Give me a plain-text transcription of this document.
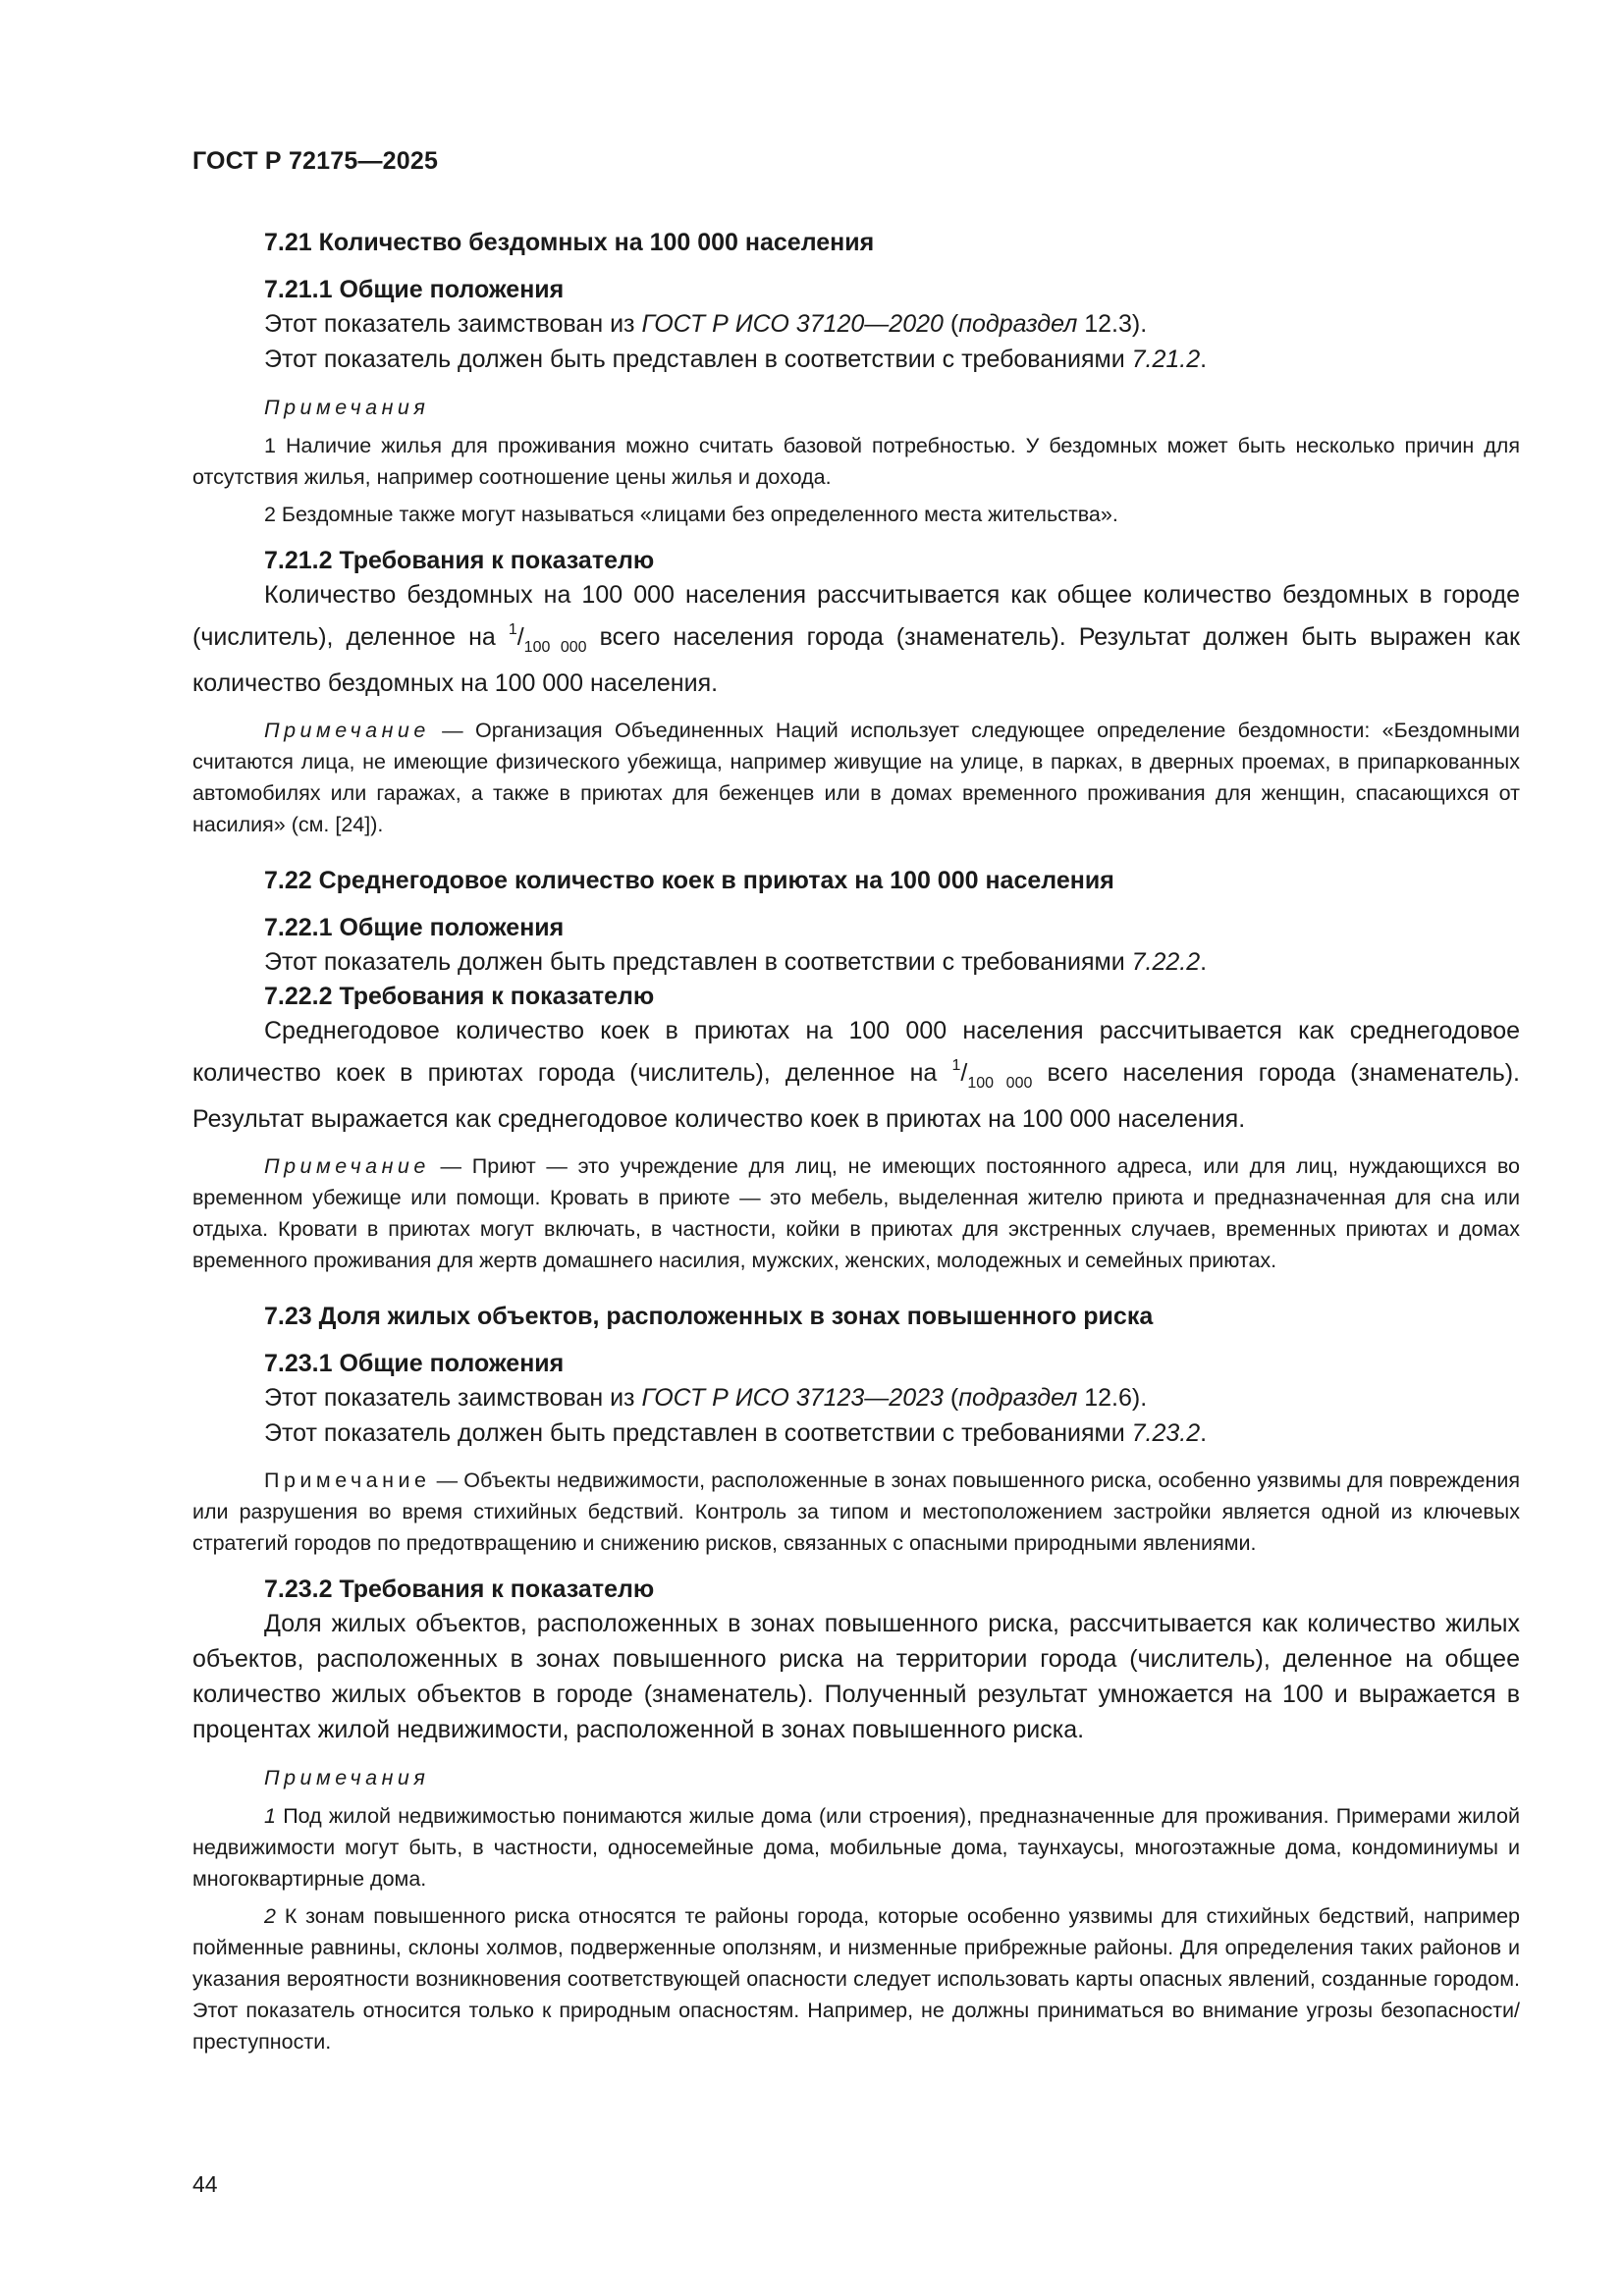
ГОСТ Р 72175—2025
7.21 Количество бездомных на 100 000 населения
7.21.1 Общие положения

Этот показатель заимствован из ГОСТ Р ИСО 37120—2020 (подраздел 12.3).

Этот показатель должен быть представлен в соответствии с требованиями 7.21.2.

Примечания

1 Наличие жилья для проживания можно считать базовой потребностью. У бездомных может быть несколько причин для отсутствия жилья, например соотношение цены жилья и дохода.

2 Бездомные также могут называться «лицами без определенного места жительства».

7.21.2 Требования к показателю

Количество бездомных на 100 000 населения рассчитывается как общее количество бездомных в городе (числитель), деленное на $^1/_{100 000}$ всего населения города (знаменатель). Результат должен быть выражен как количество бездомных на 100 000 населения.

Примечание — Организация Объединенных Наций использует следующее определение бездомности: «Бездомными считаются лица, не имеющие физического убежища, например живущие на улице, в парках, в дверных проемах, в припаркованных автомобилях или гаражах, а также в приютах для беженцев или в домах временного проживания для женщин, спасающихся от насилия» (см. [24]).

7.22 Среднегодовое количество коек в приютах на 100 000 населения
7.22.1 Общие положения

Этот показатель должен быть представлен в соответствии с требованиями 7.22.2.

7.22.2 Требования к показателю

Среднегодовое количество коек в приютах на 100 000 населения рассчитывается как среднегодовое количество коек в приютах города (числитель), деленное на $^1/_{100 000}$ всего населения города (знаменатель). Результат выражается как среднегодовое количество коек в приютах на 100 000 населения.

Примечание — Приют — это учреждение для лиц, не имеющих постоянного адреса, или для лиц, нуждающихся во временном убежище или помощи. Кровать в приюте — это мебель, выделенная жителю приюта и предназначенная для сна или отдыха. Кровати в приютах могут включать, в частности, койки в приютах для экстренных случаев, временных приютах и домах временного проживания для жертв домашнего насилия, мужских, женских, молодежных и семейных приютах.

7.23 Доля жилых объектов, расположенных в зонах повышенного риска
7.23.1 Общие положения

Этот показатель заимствован из ГОСТ Р ИСО 37123—2023 (подраздел 12.6).

Этот показатель должен быть представлен в соответствии с требованиями 7.23.2.

Примечание — Объекты недвижимости, расположенные в зонах повышенного риска, особенно уязвимы для повреждения или разрушения во время стихийных бедствий. Контроль за типом и местоположением застройки является одной из ключевых стратегий городов по предотвращению и снижению рисков, связанных с опасными природными явлениями.

7.23.2 Требования к показателю

Доля жилых объектов, расположенных в зонах повышенного риска, рассчитывается как количество жилых объектов, расположенных в зонах повышенного риска на территории города (числитель), деленное на общее количество жилых объектов в городе (знаменатель). Полученный результат умножается на 100 и выражается в процентах жилой недвижимости, расположенной в зонах повышенного риска.

Примечания

1 Под жилой недвижимостью понимаются жилые дома (или строения), предназначенные для проживания. Примерами жилой недвижимости могут быть, в частности, односемейные дома, мобильные дома, таунхаусы, многоэтажные дома, кондоминиумы и многоквартирные дома.

2 К зонам повышенного риска относятся те районы города, которые особенно уязвимы для стихийных бедствий, например пойменные равнины, склоны холмов, подверженные оползням, и низменные прибрежные районы. Для определения таких районов и указания вероятности возникновения соответствующей опасности следует использовать карты опасных явлений, созданные городом. Этот показатель относится только к природным опасностям. Например, не должны приниматься во внимание угрозы безопасности/преступности.

44
